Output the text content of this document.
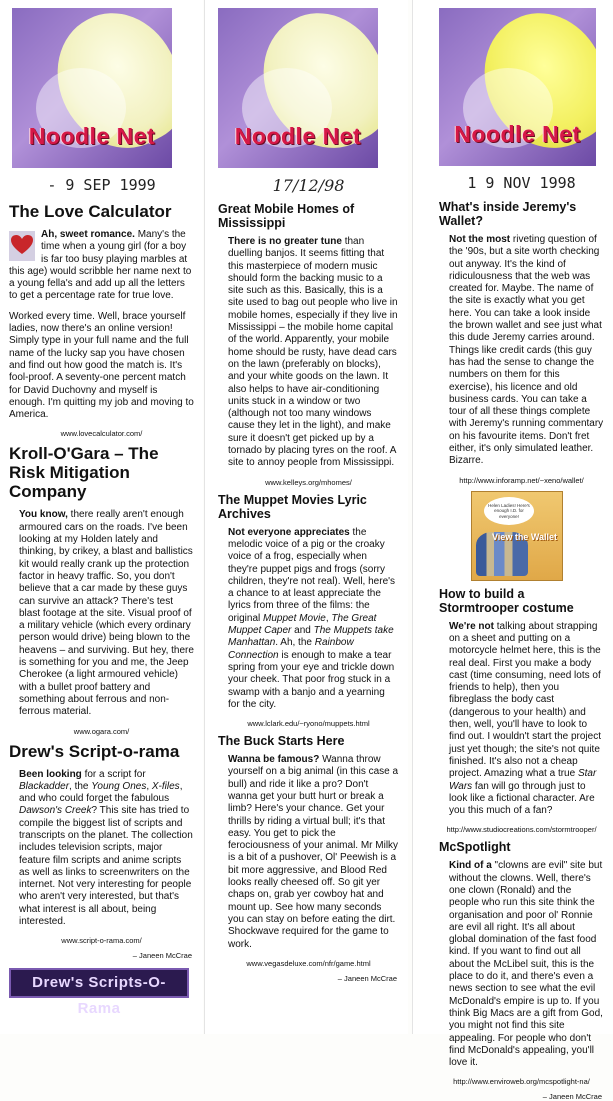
Noodle Net
- 9 SEP 1999
The Love Calculator

Ah, sweet romance. Many's the time when a young girl (for a boy is far too busy playing marbles at this age) would scribble her name next to a young fella's and add up all the letters to get a percentage rate for true love.

Worked every time. Well, brace yourself ladies, now there's an online version! Simply type in your full name and the full name of the lucky sap you have chosen and find out how good the match is. It's fool-proof. A seventy-one percent match for David Duchovny and myself is enough. I'm quitting my job and moving to America.

www.lovecalculator.com/
Kroll-O'Gara – The Risk Mitigation Company

You know, there really aren't enough armoured cars on the roads. I've been looking at my Holden lately and thinking, by crikey, a blast and ballistics kit would really crank up the protection factor in heavy traffic. So, you don't believe that a car made by these guys can survive an attack? There's test blast footage at the site. Visual proof of a military vehicle (which every ordinary person would drive) being blown to the heavens – and surviving. But hey, there is something for you and me, the Jeep Cherokee (a light armoured vehicle) with a bullet proof battery and something about ferrous and non-ferrous material.

www.ogara.com/
Drew's Script-o-rama

Been looking for a script for Blackadder, the Young Ones, X-files, and who could forget the fabulous Dawson's Creek? This site has tried to compile the biggest list of scripts and transcripts on the planet. The collection includes television scripts, major feature film scripts and anime scripts as well as links to screenwriters on the internet. Not very interesting for people who aren't very interested, but that's what interest is all about, being interested.

www.script-o-rama.com/
– Janeen McCrae
Drew's Scripts-O-Rama
Noodle Net
17/12/98
Great Mobile Homes of Mississippi

There is no greater tune than duelling banjos. It seems fitting that this masterpiece of modern music should form the backing music to a site such as this. Basically, this is a site used to bag out people who live in mobile homes, especially if they live in Mississippi – the mobile home capital of the world. Apparently, your mobile home should be rusty, have dead cars on the lawn (preferably on blocks), and your white goods on the lawn. It also helps to have air-conditioning units stuck in a window or two (although not too many windows cause they let in the light), and make sure it doesn't get picked up by a tornado by placing tyres on the roof. A site to annoy people from Mississippi.

www.kelleys.org/mhomes/
The Muppet Movies Lyric Archives

Not everyone appreciates the melodic voice of a pig or the croaky voice of a frog, especially when they're puppet pigs and frogs (sorry children, they're not real). Well, here's a chance to at least appreciate the lyrics from three of the films: the original Muppet Movie, The Great Muppet Caper and The Muppets take Manhattan. Ah, the Rainbow Connection is enough to make a tear spring from your eye and trickle down your cheek. That poor frog stuck in a swamp with a banjo and a yearning for the city.

www.lclark.edu/~ryono/muppets.html
The Buck Starts Here

Wanna be famous? Wanna throw yourself on a big animal (in this case a bull) and ride it like a pro? Don't wanna get your butt hurt or break a limb? Here's your chance. Get your thrills by riding a virtual bull; it's that easy. You get to pick the ferociousness of your animal. Mr Milky is a bit of a pushover, Ol' Peewish is a bit more aggressive, and Blood Red looks really cheesed off. So git yer chaps on, grab yer cowboy hat and mount up. See how many seconds you can stay on before eating the dirt. Shockwave required for the game to work.

www.vegasdeluxe.com/nfr/game.html
– Janeen McCrae
Noodle Net
1 9 NOV 1998
What's inside Jeremy's Wallet?

Not the most riveting question of the '90s, but a site worth checking out anyway. It's the kind of ridiculousness that the web was created for. Maybe. The name of the site is exactly what you get here. You can take a look inside the brown wallet and see just what this dude Jeremy carries around. Things like credit cards (this guy has had the sense to change the numbers on them for this exercise), his licence and old business cards. You can take a tour of all these things complete with Jeremy's running commentary on his favourite items. Don't fret either, it's only simulated leather. Bizarre.

http://www.inforamp.net/~xeno/wallet/
Helen Ladies! Here's enough I.D. for everyone!
View the Wallet
How to build a Stormtrooper costume

We're not talking about strapping on a sheet and putting on a motorcycle helmet here, this is the real deal. First you make a body cast (time consuming, need lots of friends to help), then you fibreglass the body cast (dangerous to your health) and then, well, you'll have to look to find out. I wouldn't start the project just yet though; the site's not quite finished. It's also not a cheap project. Amazing what a true Star Wars fan will go through just to look like a fictional character. Are you this much of a fan?

http://www.studiocreations.com/stormtrooper/
McSpotlight

Kind of a "clowns are evil" site but without the clowns. Well, there's one clown (Ronald) and the people who run this site think the organisation and poor ol' Ronnie are evil all right. It's all about global domination of the fast food kind. If you want to find out all about the McLibel suit, this is the place to do it, and there's even a news section to see what the evil McDonald's empire is up to. If you think Big Macs are a gift from God, you might not find this site appealing. For people who don't find McDonald's appealing, you'll love it.

http://www.enviroweb.org/mcspotlight-na/
– Janeen McCrae
